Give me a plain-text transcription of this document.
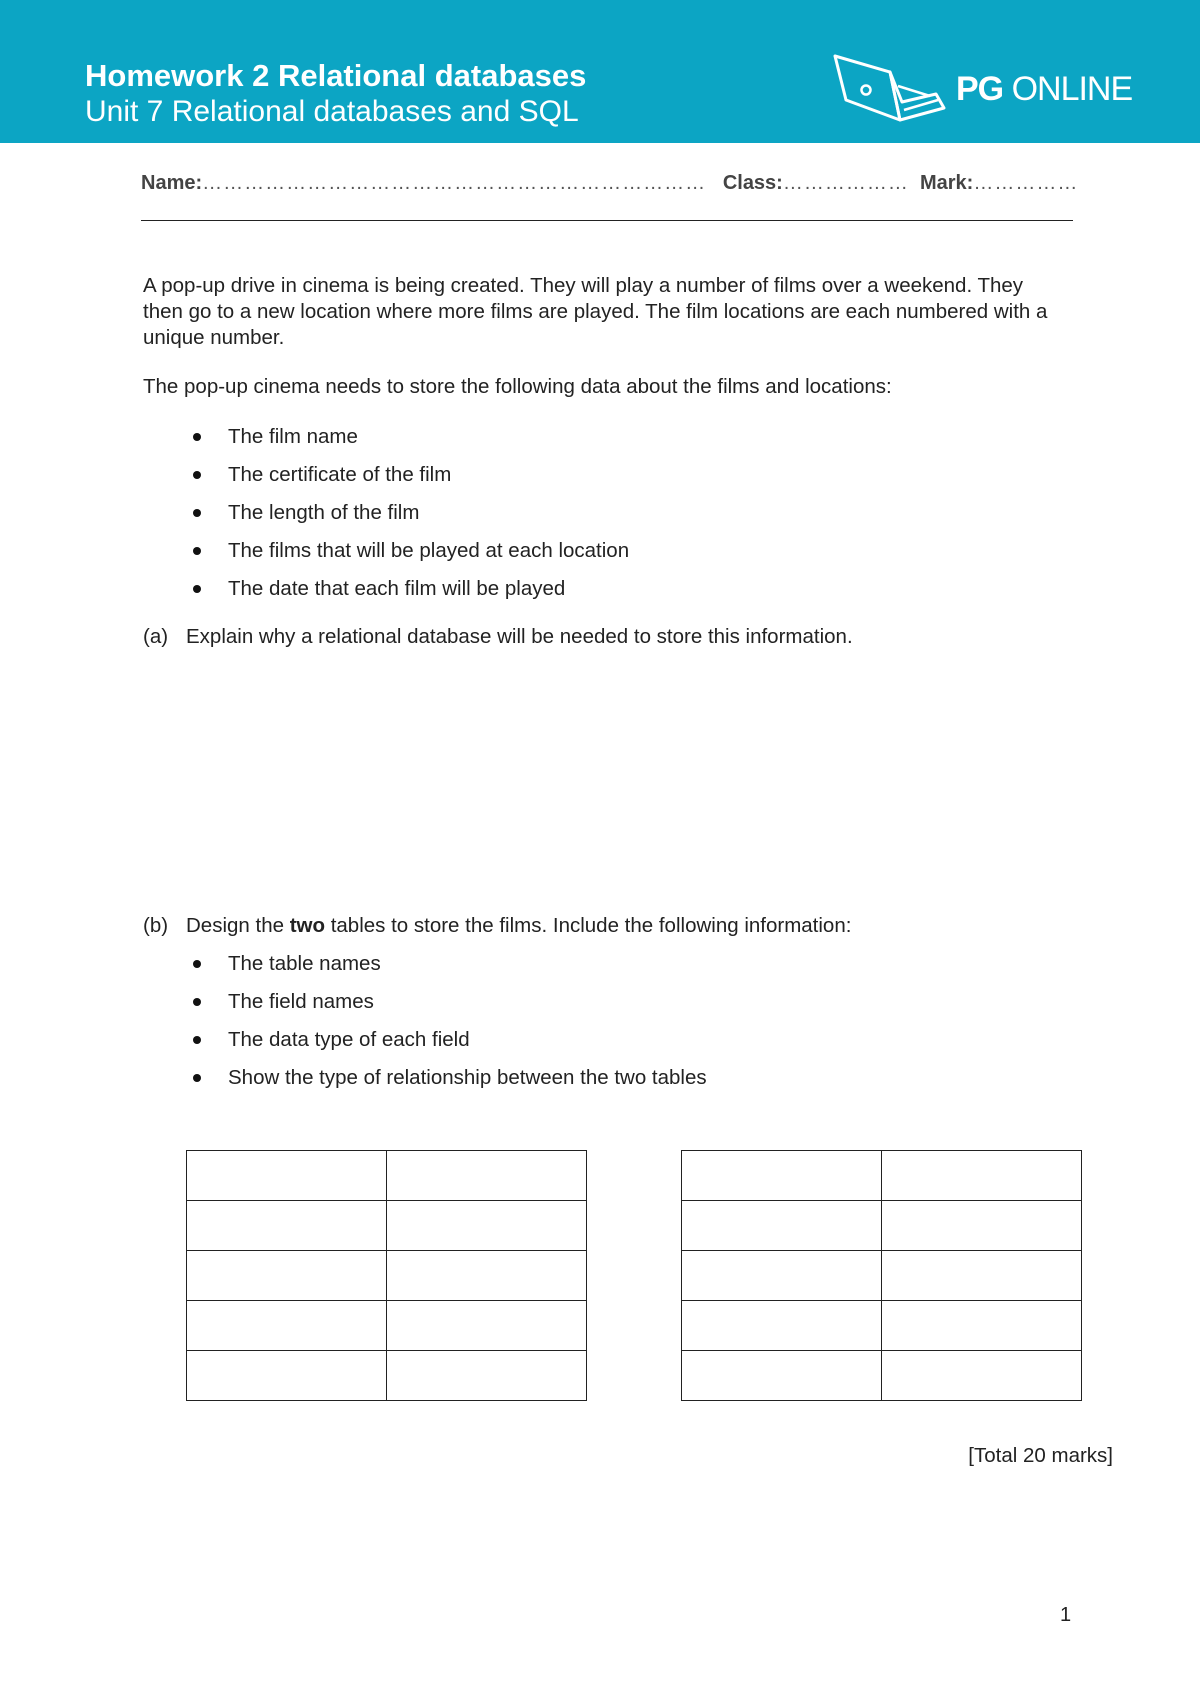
Homework 2 Relational databases
Unit 7 Relational databases and SQL
PG ONLINE
Name:……………………………………………………………… Class:……………… Mark:……………

A pop-up drive in cinema is being created. They will play a number of films over a weekend. They then go to a new location where more films are played. The film locations are each numbered with a unique number.

The pop-up cinema needs to store the following data about the films and locations:

The film name
The certificate of the film
The length of the film
The films that will be played at each location
The date that each film will be played
(a) Explain why a relational database will be needed to store this information.
(b) Design the two tables to store the films. Include the following information:
The table names
The field names
The data type of each field
Show the type of relationship between the two tables

[Total 20 marks]
1
